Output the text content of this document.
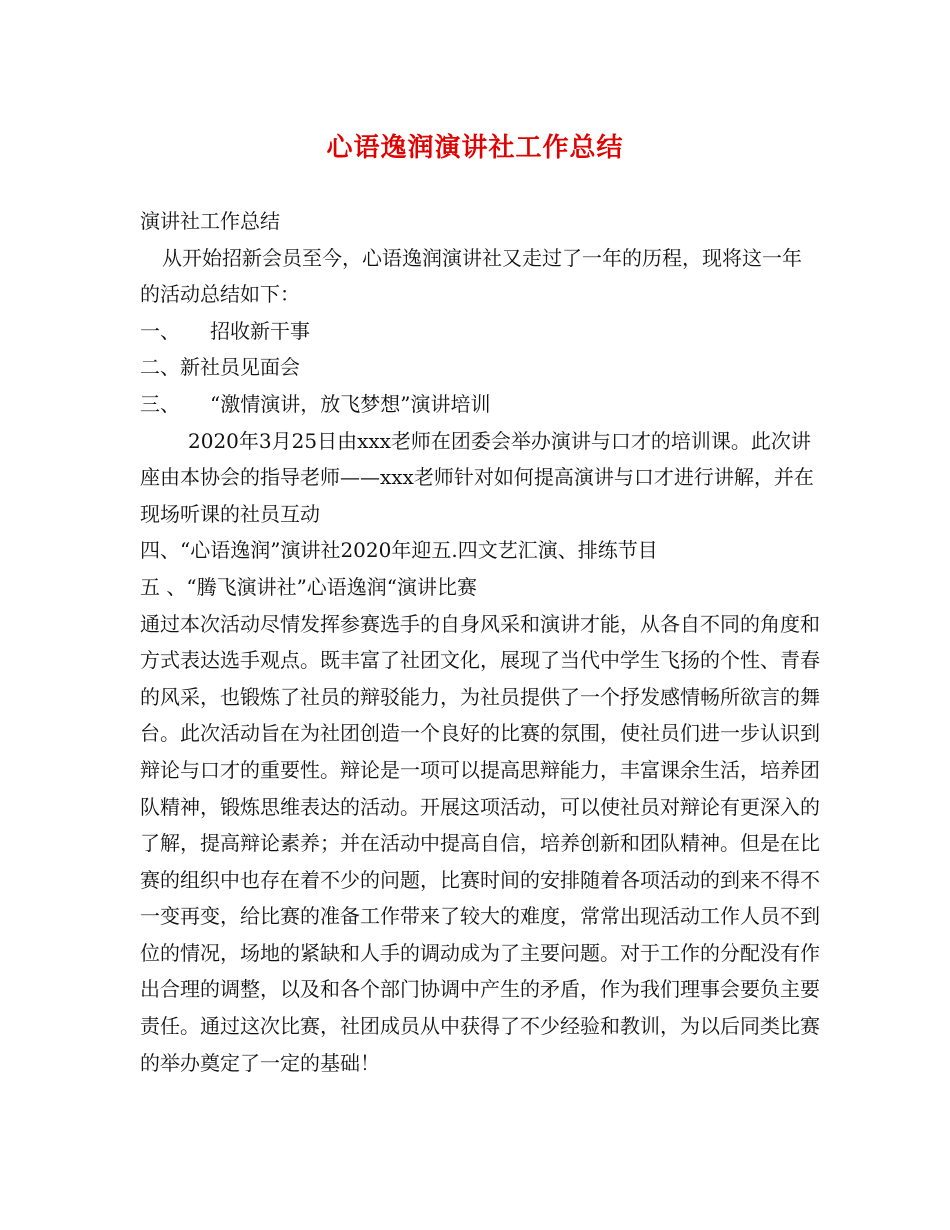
心语逸润演讲社工作总结
演讲社工作总结
从开始招新会员至今，心语逸润演讲社又走过了一年的历程，现将这一年的活动总结如下：
一、 招收新干事
二、新社员见面会
三、 “激情演讲，放飞梦想”演讲培训
2020年3月25日由xxx老师在团委会举办演讲与口才的培训课。此次讲座由本协会的指导老师——xxx老师针对如何提高演讲与口才进行讲解，并在现场听课的社员互动
四、“心语逸润”演讲社2020年迎五.四文艺汇演、排练节目
五 、“腾飞演讲社”心语逸润“演讲比赛
通过本次活动尽情发挥参赛选手的自身风采和演讲才能，从各自不同的角度和方式表达选手观点。既丰富了社团文化，展现了当代中学生飞扬的个性、青春的风采，也锻炼了社员的辩驳能力，为社员提供了一个抒发感情畅所欲言的舞台。此次活动旨在为社团创造一个良好的比赛的氛围，使社员们进一步认识到辩论与口才的重要性。辩论是一项可以提高思辩能力，丰富课余生活，培养团队精神，锻炼思维表达的活动。开展这项活动，可以使社员对辩论有更深入的了解，提高辩论素养；并在活动中提高自信，培养创新和团队精神。但是在比赛的组织中也存在着不少的问题，比赛时间的安排随着各项活动的到来不得不一变再变，给比赛的准备工作带来了较大的难度，常常出现活动工作人员不到位的情况，场地的紧缺和人手的调动成为了主要问题。对于工作的分配没有作出合理的调整，以及和各个部门协调中产生的矛盾，作为我们理事会要负主要责任。通过这次比赛，社团成员从中获得了不少经验和教训，为以后同类比赛的举办奠定了一定的基础！
